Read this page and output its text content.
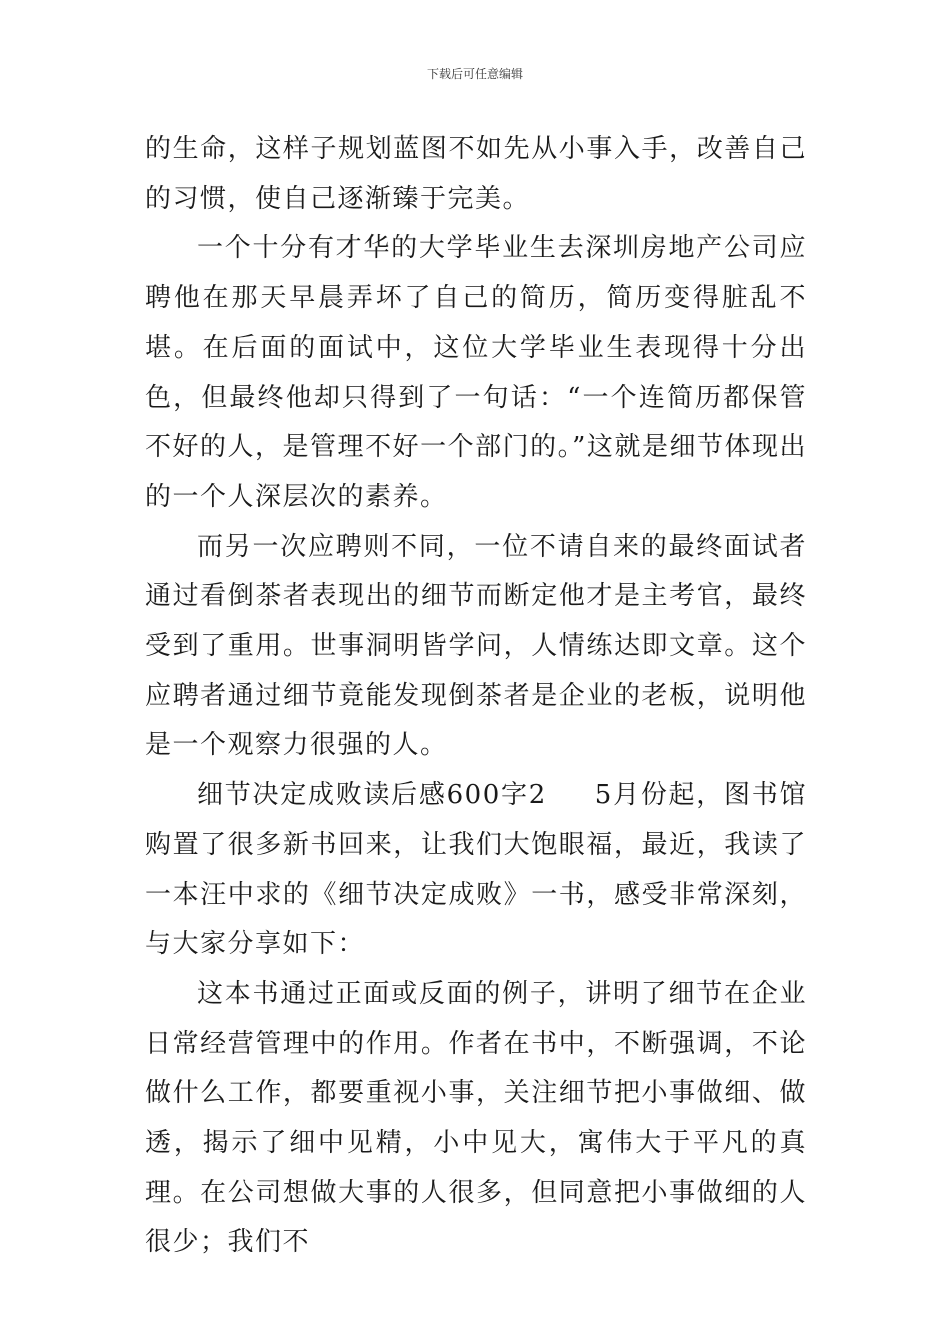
下载后可任意编辑

的生命，这样子规划蓝图不如先从小事入手，改善自己的习惯，使自己逐渐臻于完美。

一个十分有才华的大学毕业生去深圳房地产公司应聘他在那天早晨弄坏了自己的简历，简历变得脏乱不堪。在后面的面试中，这位大学毕业生表现得十分出色，但最终他却只得到了一句话：“一个连简历都保管不好的人，是管理不好一个部门的。”这就是细节体现出的一个人深层次的素养。

而另一次应聘则不同，一位不请自来的最终面试者通过看倒茶者表现出的细节而断定他才是主考官，最终受到了重用。世事洞明皆学问，人情练达即文章。这个应聘者通过细节竟能发现倒茶者是企业的老板，说明他是一个观察力很强的人。

细节决定成败读后感600字2 5月份起，图书馆购置了很多新书回来，让我们大饱眼福，最近，我读了一本汪中求的《细节决定成败》一书，感受非常深刻，与大家分享如下：

这本书通过正面或反面的例子，讲明了细节在企业日常经营管理中的作用。作者在书中，不断强调，不论做什么工作，都要重视小事，关注细节把小事做细、做透，揭示了细中见精，小中见大，寓伟大于平凡的真理。在公司想做大事的人很多，但同意把小事做细的人很少；我们不
